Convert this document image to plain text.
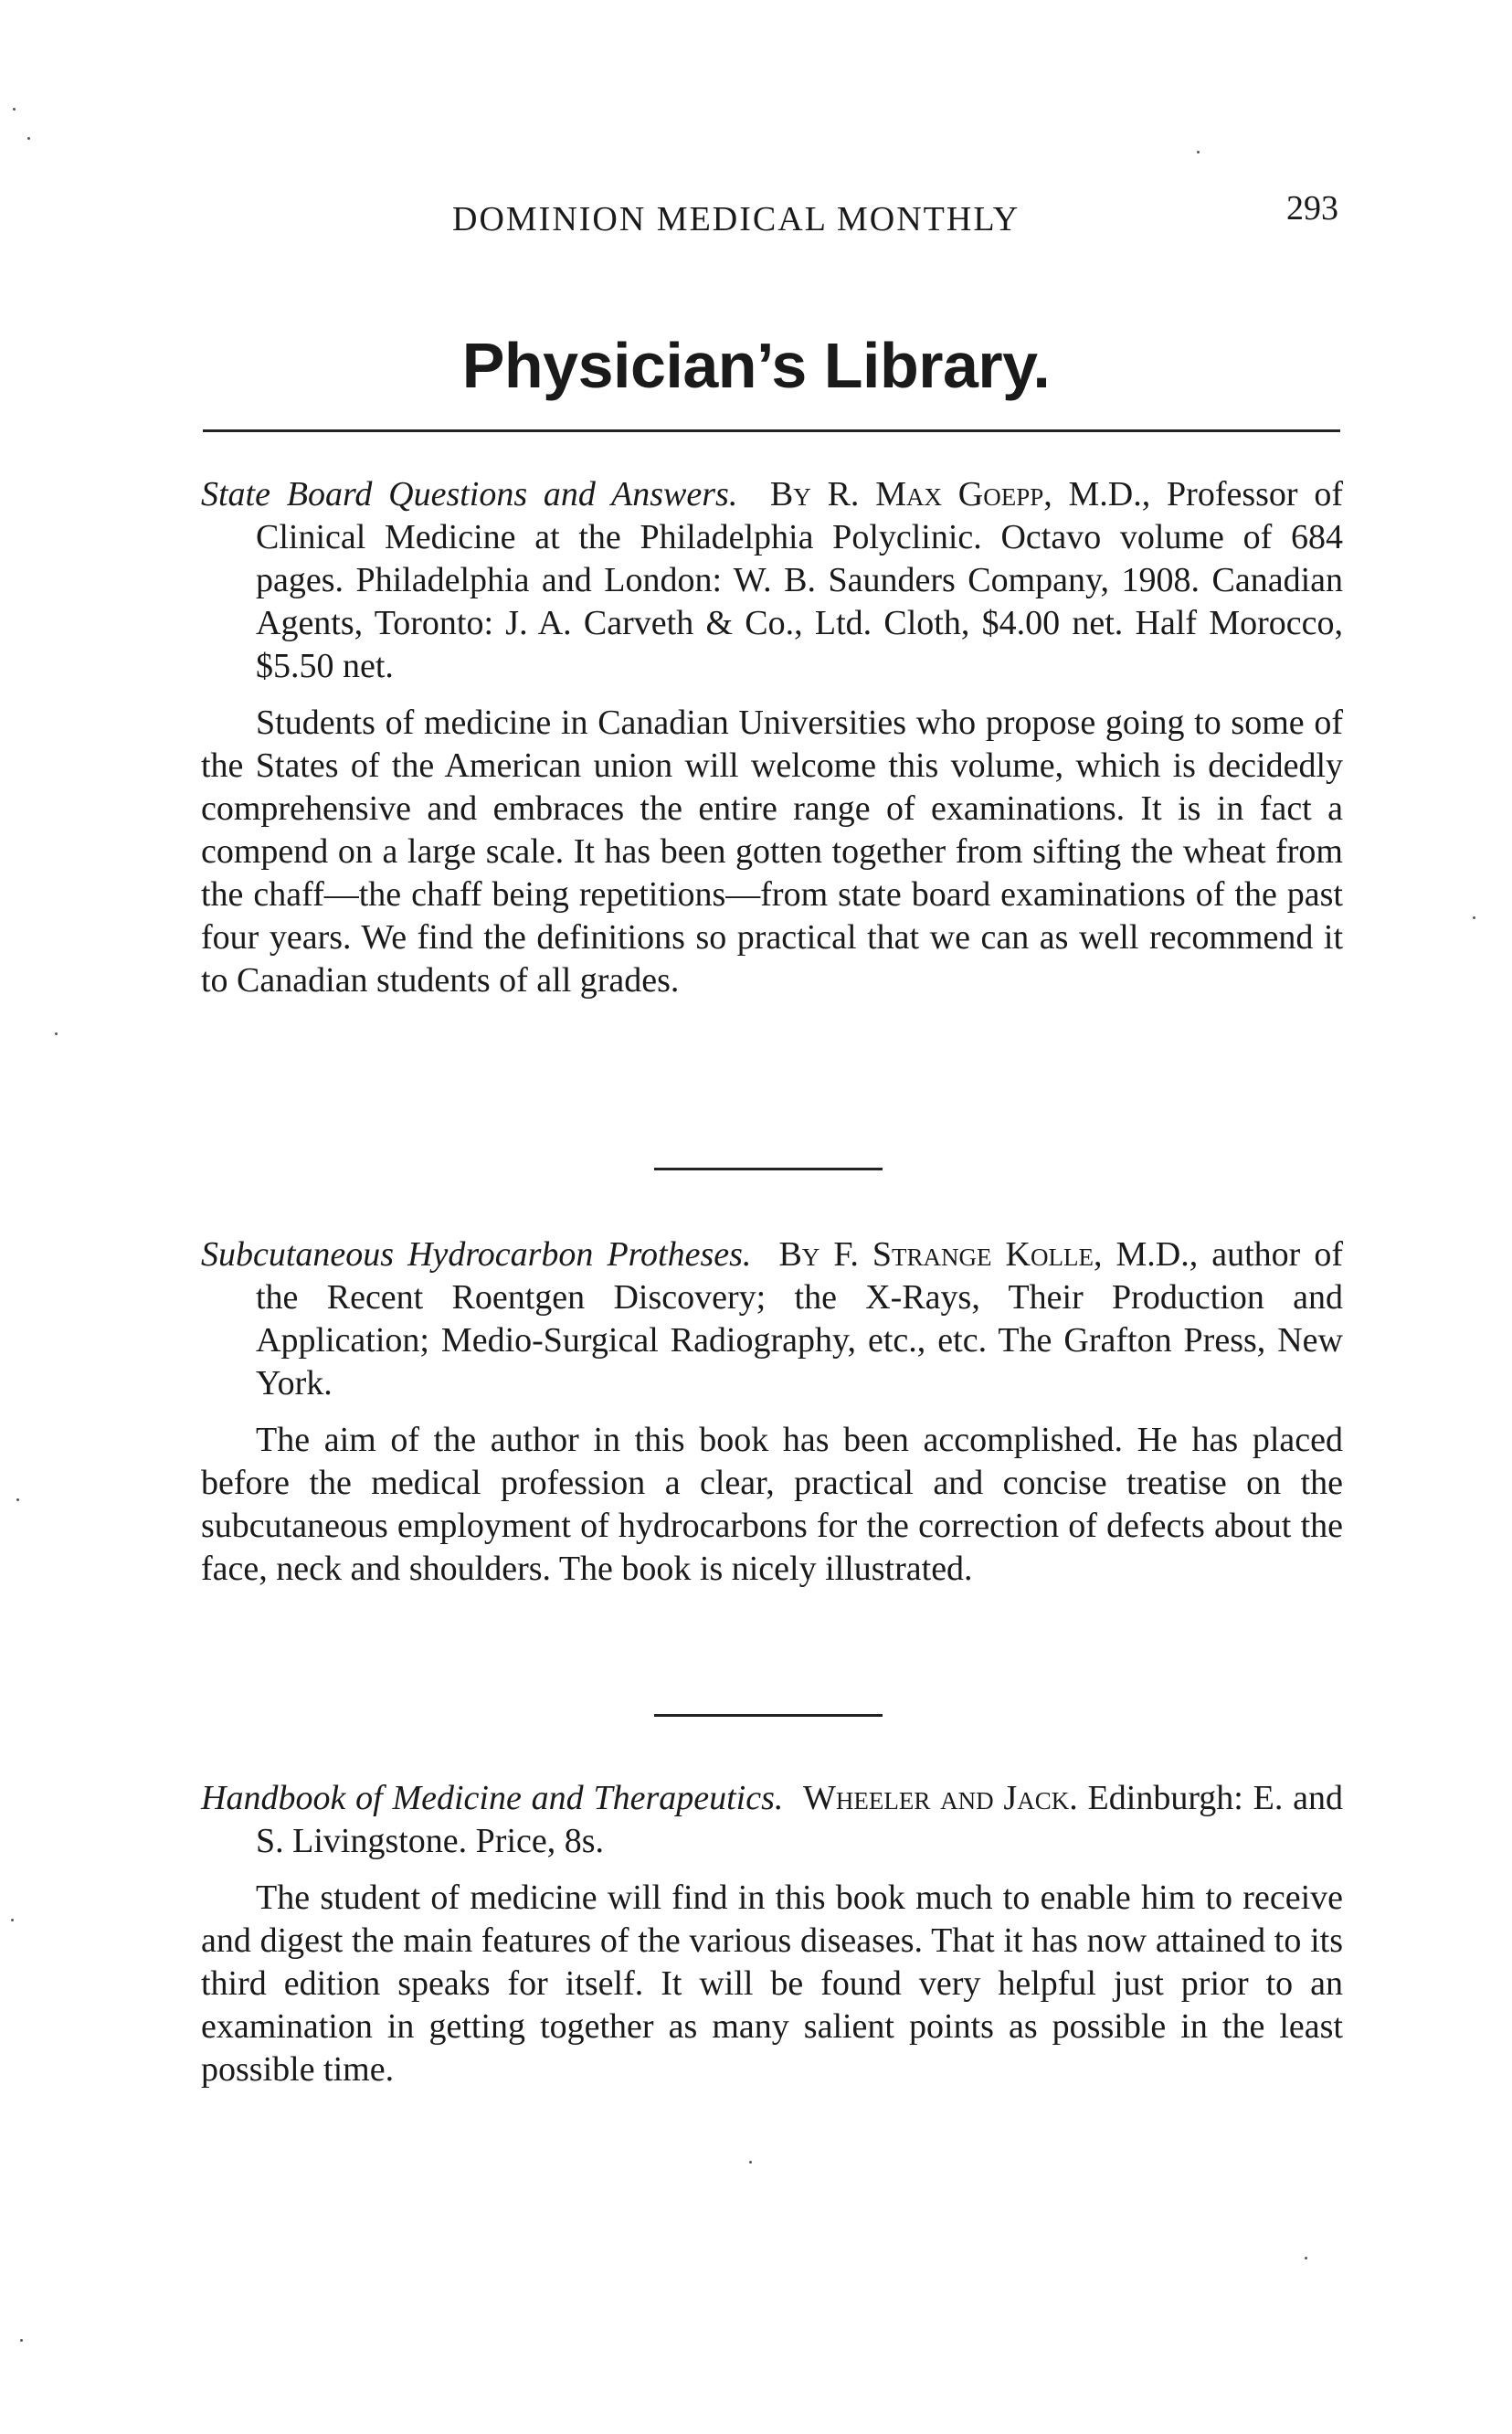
DOMINION MEDICAL MONTHLY	293
Physician’s Library.

State Board Questions and Answers. By R. Max Goepp, M.D., Professor of Clinical Medicine at the Philadelphia Polyclinic. Octavo volume of 684 pages. Philadelphia and London: W. B. Saunders Company, 1908. Canadian Agents, Toronto: J. A. Carveth & Co., Ltd. Cloth, $4.00 net. Half Morocco, $5.50 net.

Students of medicine in Canadian Universities who propose going to some of the States of the American union will welcome this volume, which is decidedly comprehensive and embraces the entire range of examinations. It is in fact a compend on a large scale. It has been gotten together from sifting the wheat from the chaff—the chaff being repetitions—from state board examinations of the past four years. We find the definitions so practical that we can as well recommend it to Canadian students of all grades.

Subcutaneous Hydrocarbon Protheses. By F. Strange Kolle, M.D., author of the Recent Roentgen Discovery; the X-Rays, Their Production and Application; Medio-Surgical Radiography, etc., etc. The Grafton Press, New York.

The aim of the author in this book has been accomplished. He has placed before the medical profession a clear, practical and concise treatise on the subcutaneous employment of hydrocarbons for the correction of defects about the face, neck and shoulders. The book is nicely illustrated.

Handbook of Medicine and Therapeutics. Wheeler and Jack. Edinburgh: E. and S. Livingstone. Price, 8s.

The student of medicine will find in this book much to enable him to receive and digest the main features of the various diseases. That it has now attained to its third edition speaks for itself. It will be found very helpful just prior to an examination in getting together as many salient points as possible in the least possible time.
